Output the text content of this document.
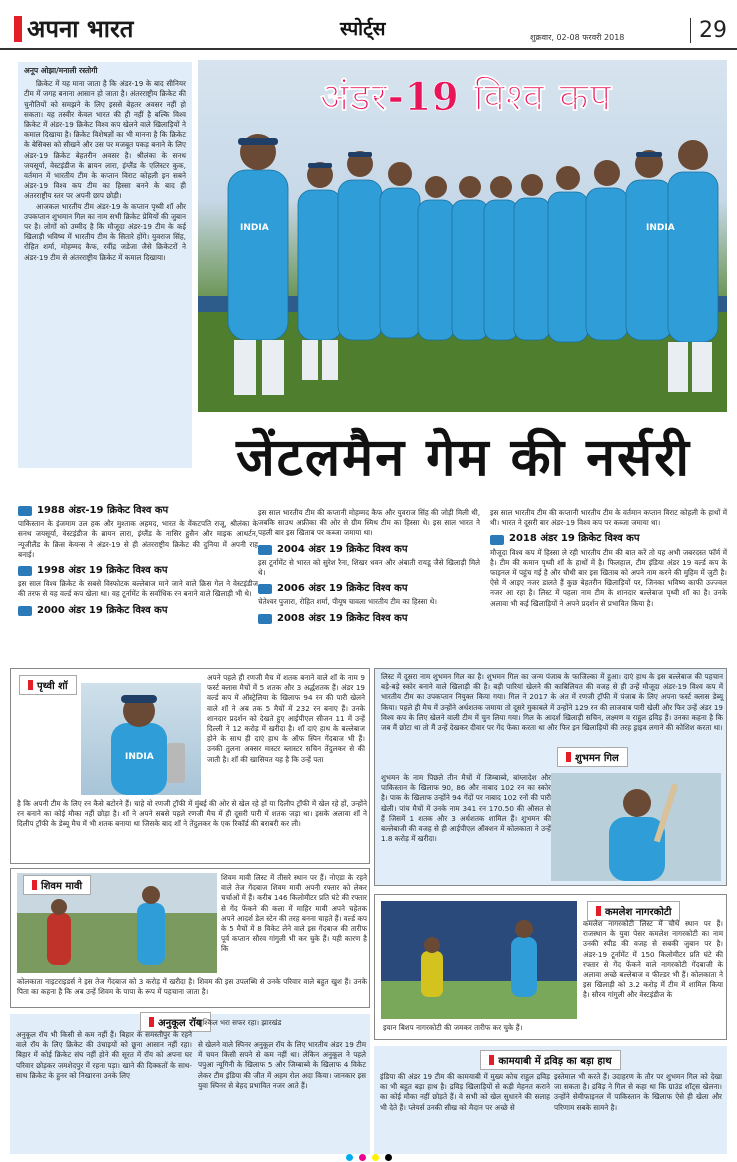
अपना भारत	स्पोर्ट्स	शुक्रवार, 02-08 फरवरी 2018	29
अनूप ओझा/मनाली रस्तोगी

क्रिकेट में यह माना जाता है कि अंडर-19 के बाद सीनियर टीम में जगह बनाना आसान हो जाता है। अंतरराष्ट्रीय क्रिकेट की चुनौतियों को समझने के लिए इससे बेहतर अवसर नहीं हो सकता। यह तस्वीर केवल भारत की ही नहीं है बल्कि विश्व क्रिकेट में अंडर-19 क्रिकेट विश्व कप खेलने वाले खिलाड़ियों ने कमाल दिखाया है। क्रिकेट विशेषज्ञों का भी मानना है कि क्रिकेट के बेसिक्स को सीखने और उस पर मजबूत पकड़ बनाने के लिए अंडर-19 क्रिकेट बेहतरीन अवसर है। श्रीलंका के सनथ जयसूर्या, वेस्टइंडीज के ब्रायन लारा, इंग्लैंड के एलिस्टर कुक, वर्तमान में भारतीय टीम के कप्तान विराट कोहली इन सबने अंडर-19 विश्व कप टीम का हिस्सा बनने के बाद ही अंतरराष्ट्रीय स्तर पर अपनी छाप छोड़ी।

आजकल भारतीय टीम अंडर-19 के कप्तान पृथ्वी शॉ और उपकप्तान शुभमान गिल का नाम सभी क्रिकेट प्रेमियों की जुबान पर है। लोगों को उम्मीद है कि मौजूदा अंडर-19 टीम के कई खिलाड़ी भविष्य में भारतीय टीम के सितारे होंगे। युवराज सिंह, रोहित शर्मा, मोहम्मद कैफ, रवींद्र जडेजा जैसे क्रिकेटरों ने अंडर-19 टीम से अंतरराष्ट्रीय क्रिकेट में कमाल दिखाया।

INDIA	INDIA
अंडर-19 विश्व कप
जेंटलमैन गेम की नर्सरी
1988 अंडर-19 क्रिकेट विश्व कप

पाकिस्तान के इंजमाम उल हक और मुश्ताक अहमद, भारत के वेंकटपति राजू, श्रीलंका के सनथ जयसूर्या, वेस्टइंडीज के ब्रायन लारा, इंग्लैंड के नासिर हुसैन और माइक आथर्टन, न्यूजीलैंड के क्रिस केयन्स ने अंडर-19 से ही अंतरराष्ट्रीय क्रिकेट की दुनिया में अपनी राह बनाई।

1998 अंडर 19 क्रिकेट विश्व कप

इस साल विश्व क्रिकेट के सबसे विस्फोटक बल्लेबाज माने जाने वाले क्रिस गेल ने वेस्टइंडीज की तरफ से यह वर्ल्ड कप खेला था। वह टूर्नामेंट के सर्वाधिक रन बनाने वाले खिलाड़ी भी थे।

2000 अंडर 19 क्रिकेट विश्व कप

इस साल भारतीय टीम की कप्तानी मोहम्मद कैफ और युवराज सिंह की जोड़ी मिली थी, जबकि साउथ अफ्रीका की ओर से ग्रीम स्मिथ टीम का हिस्सा थे। इस साल भारत ने पहली बार इस खिताब पर कब्जा जमाया था।

2004 अंडर 19 क्रिकेट विश्व कप

इस टूर्नामेंट से भारत को सुरेश रैना, शिखर धवन और अंबाती रायडू जैसे खिलाड़ी मिले थे।

2006 अंडर 19 क्रिकेट विश्व कप

चेतेश्वर पुजारा, रोहित शर्मा, पीयूष चावला भारतीय टीम का हिस्सा थे।

2008 अंडर 19 क्रिकेट विश्व कप

इस साल भारतीय टीम की कप्तानी भारतीय टीम के वर्तमान कप्तान विराट कोहली के हाथों में थी। भारत ने दूसरी बार अंडर-19 विश्व कप पर कब्जा जमाया था।

2018 अंडर 19 क्रिकेट विश्व कप

मौजूदा विश्व कप में हिस्सा ले रही भारतीय टीम की बात करें तो यह अभी जबरदस्त फॉर्म में है। टीम की कमान पृथ्वी शॉ के हाथों में है। फिलहाल, टीम इंडिया अंडर 19 वर्ल्ड कप के फाइनल में पहुंच गई है और चौथी बार इस खिताब को अपने नाम करने की मुहिम में जुटी है। ऐसे में आइए नजर डालते हैं कुछ बेहतरीन खिलाड़ियों पर, जिनका भविष्य काफी उज्ज्वल नजर आ रहा है। लिस्ट में पहला नाम टीम के शानदार बल्लेबाज पृथ्वी शॉ का है। उनके अलावा भी कई खिलाड़ियों ने अपने प्रदर्शन से प्रभावित किया है।

पृथ्वी शॉ
INDIA

अपने पहले ही रणजी मैच में शतक बनाने वाले शॉ के नाम 9 फर्स्ट क्लास मैचों में 5 शतक और 3 अर्द्धशतक हैं। अंडर 19 वर्ल्ड कप में ऑस्ट्रेलिया के खिलाफ 94 रन की पारी खेलने वाले शॉ ने अब तक 5 मैचों में 232 रन बनाए हैं। उनके शानदार प्रदर्शन को देखते हुए आईपीएल सीजन 11 में उन्हें दिल्ली ने 12 करोड़ में खरीदा है। शॉ दाएं हाथ के बल्लेबाज होने के साथ ही दाएं हाथ के ऑफ स्पिन गेंदबाज भी हैं। उनकी तुलना अक्सर मास्टर ब्लास्टर सचिन तेंदुलकर से की जाती है। शॉ की खासियत यह है कि उन्हें पता

है कि अपनी टीम के लिए रन कैसे बटोरने हैं। चाहे वो रणजी ट्रॉफी में मुंबई की ओर से खेल रहे हों या दिलीप ट्रॉफी में खेल रहे हों, उन्होंने रन बनाने का कोई मौका नहीं छोड़ा है। शॉ ने अपने सबसे पहले रणजी मैच में ही दूसरी पारी में शतक जड़ा था। इसके अलावा शॉ ने दिलीप ट्रॉफी के डेब्यू मैच में भी शतक बनाया था जिसके बाद शॉ ने तेंदुलकर के एक रिकॉर्ड की बराबरी कर ली।

लिस्ट में दूसरा नाम शुभमन गिल का है। शुभमन गिल का जन्म पंजाब के फाजिल्का में हुआ। दाएं हाथ के इस बल्लेबाज की पहचान बड़े-बड़े स्कोर बनाने वाले खिलाड़ी की है। बड़ी पारियां खेलने की काबिलियत की वजह से ही उन्हें मौजूदा अंडर-19 विश्व कप में भारतीय टीम का उपकप्तान नियुक्त किया गया। गिल ने 2017 के अंत में रणजी ट्रॉफी में पंजाब के लिए अपना फर्स्ट क्लास डेब्यू किया। पहले ही मैच में उन्होंने अर्धशतक जमाया तो दूसरे मुकाबले में उन्होंने 129 रन की लाजवाब पारी खेली और फिर उन्हें अंडर 19 विश्व कप के लिए खेलने वाली टीम में चुन लिया गया। गिल के आदर्श खिलाड़ी सचिन, लक्ष्मण व राहुल द्रविड़ हैं। उनका कहना है कि जब मैं छोटा था तो मैं उन्हें देखकर दीवार पर गेंद फेंका करता था और फिर इन खिलाड़ियों की तरह ड्राइव लगाने की कोशिश करता था।

शुभमन के नाम पिछले तीन मैचों में जिम्बाब्वे, बांग्लादेश और पाकिस्तान के खिलाफ 90, 86 और नाबाद 102 रन का स्कोर है। पाक के खिलाफ उन्होंने 94 गेंदों पर नाबाद 102 रनों की पारी खेली। पांच मैचों में उनके नाम 341 रन 170.50 की औसत से हैं जिसमें 1 शतक और 3 अर्धशतक शामिल हैं। शुभमन की बल्लेबाजी की वजह से ही आईपीएल ऑक्शन में कोलकाता ने उन्हें 1.8 करोड़ में खरीदा।

शुभमन गिल
शिवम मावी

शिवम मावी लिस्ट में तीसरे स्थान पर हैं। नोएडा के रहने वाले तेज गेंदबाज शिवम मावी अपनी रफ्तार को लेकर चर्चाओं में हैं। करीब 146 किलोमीटर प्रति घंटे की रफ्तार से गेंद फेंकने की कला में माहिर मावी अपने चहेतक अपने आदर्श डेल स्टेन की तरह बनना चाहते हैं। वर्ल्ड कप के 5 मैचों में 8 विकेट लेने वाले इस गेंदबाज की तारीफ पूर्व कप्तान सौरव गांगुली भी कर चुके हैं। यही कारण है कि

कोलकाता नाइटराइडर्स ने इस तेज गेंदबाज को 3 करोड़ में खरीदा है। शिवम की इस उपलब्धि से उनके परिवार वाले बहुत खुश हैं। उनके पिता का कहना है कि अब उन्हें शिवम के पापा के रूप में पहचाना जाता है।

कमलेश नागरकोटी

कमलेश नागरकोटी लिस्ट में चौथे स्थान पर हैं। राजस्थान के युवा पेसर कमलेश नागरकोटी का नाम उनकी स्पीड की वजह से सबकी जुबान पर है। अंडर-19 टूर्नामेंट में 150 किलोमीटर प्रति घंटे की रफ्तार से गेंद फेंकने वाले नागरकोटी गेंदबाजी के अलावा अच्छे बल्लेबाज व फील्डर भी हैं। कोलकाता ने इस खिलाड़ी को 3.2 करोड़ में टीम में शामिल किया है। सौरव गांगुली और वेस्टइंडीज के

इयान बिशप नागरकोटी की जमकर तारीफ कर चुके हैं।

अनुकूल रॉय

अनुकूल रॉय भी किसी से कम नहीं हैं। बिहार के समस्तीपुर के रहने वाले रॉय के लिए क्रिकेट की उंचाइयों को छूना आसान नहीं रहा। बिहार में कोई क्रिकेट संघ नहीं होने की सूरत में रॉय को अपना घर परिवार छोड़कर जमशेदपुर में रहना पड़ा। खाने की दिक्कतों के साथ-साथ क्रिकेट के हुनर को निखारना उनके लिए

मुश्किल भरा सफर रहा। झारखंड

से खेलने वाले स्पिनर अनुकूल रॉय के लिए भारतीय अंडर 19 टीम में चयन किसी सपने से कम नहीं था। लेकिन अनुकूल ने पहले पपुआ न्यूगिनी के खिलाफ 5 और जिम्बाब्वे के खिलाफ 4 विकेट लेकर टीम इंडिया की जीत में अहम रोल अदा किया। जानकार इस युवा स्पिनर से बेहद प्रभावित नजर आते हैं।

कामयाबी में द्रविड़ का बड़ा हाथ

इंडिया की अंडर 19 टीम की कामयाबी में मुख्य कोच राहुल द्रविड़ का भी बहुत बड़ा हाथ है। द्रविड़ खिलाड़ियों से कड़ी मेहनत कराने का कोई मौका नहीं छोड़ते हैं। वे सभी को खेल सुधारने की सलाह भी देते हैं। प्लेयर्स उनकी सीख को मैदान पर अच्छे से

इस्तेमाल भी करते हैं। उदाहरण के तौर पर शुभमन गिल को देखा जा सकता है। द्रविड़ ने गिल से कहा था कि ग्राउंड शॉट्स खेलना। उन्होंने सेमीफाइनल में पाकिस्तान के खिलाफ ऐसे ही खेला और परिणाम सबके सामने है।
